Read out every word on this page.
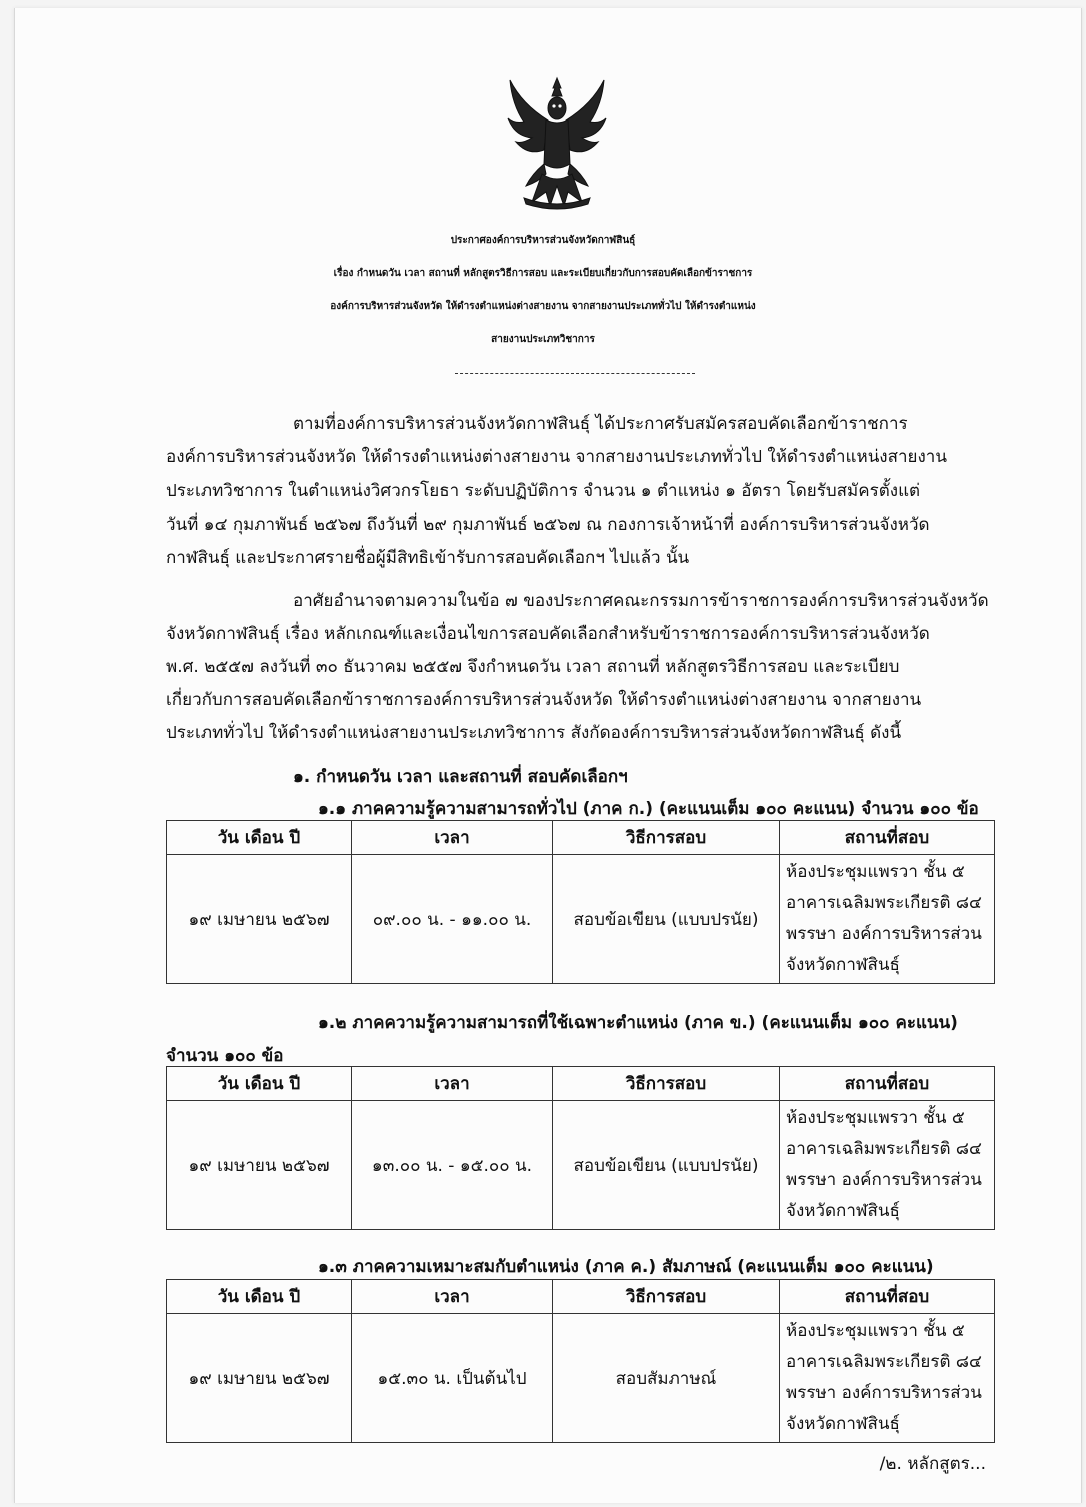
ประกาศองค์การบริหารส่วนจังหวัดกาฬสินธุ์
เรื่อง กำหนดวัน เวลา สถานที่ หลักสูตรวิธีการสอบ และระเบียบเกี่ยวกับการสอบคัดเลือกข้าราชการ
องค์การบริหารส่วนจังหวัด ให้ดำรงตำแหน่งต่างสายงาน จากสายงานประเภททั่วไป ให้ดำรงตำแหน่ง
สายงานประเภทวิชาการ
ตามที่องค์การบริหารส่วนจังหวัดกาฬสินธุ์ ได้ประกาศรับสมัครสอบคัดเลือกข้าราชการ
องค์การบริหารส่วนจังหวัด ให้ดำรงตำแหน่งต่างสายงาน จากสายงานประเภททั่วไป ให้ดำรงตำแหน่งสายงาน
ประเภทวิชาการ ในตำแหน่งวิศวกรโยธา ระดับปฏิบัติการ จำนวน ๑ ตำแหน่ง ๑ อัตรา โดยรับสมัครตั้งแต่
วันที่ ๑๔ กุมภาพันธ์ ๒๕๖๗ ถึงวันที่ ๒๙ กุมภาพันธ์ ๒๕๖๗ ณ กองการเจ้าหน้าที่ องค์การบริหารส่วนจังหวัด
กาฬสินธุ์ และประกาศรายชื่อผู้มีสิทธิเข้ารับการสอบคัดเลือกฯ ไปแล้ว นั้น
อาศัยอำนาจตามความในข้อ ๗ ของประกาศคณะกรรมการข้าราชการองค์การบริหารส่วนจังหวัด
จังหวัดกาฬสินธุ์ เรื่อง หลักเกณฑ์และเงื่อนไขการสอบคัดเลือกสำหรับข้าราชการองค์การบริหารส่วนจังหวัด
พ.ศ. ๒๕๕๗ ลงวันที่ ๓๐ ธันวาคม ๒๕๕๗ จึงกำหนดวัน เวลา สถานที่ หลักสูตรวิธีการสอบ และระเบียบ
เกี่ยวกับการสอบคัดเลือกข้าราชการองค์การบริหารส่วนจังหวัด ให้ดำรงตำแหน่งต่างสายงาน จากสายงาน
ประเภททั่วไป ให้ดำรงตำแหน่งสายงานประเภทวิชาการ สังกัดองค์การบริหารส่วนจังหวัดกาฬสินธุ์ ดังนี้
๑. กำหนดวัน เวลา และสถานที่ สอบคัดเลือกฯ
๑.๑ ภาคความรู้ความสามารถทั่วไป (ภาค ก.) (คะแนนเต็ม ๑๐๐ คะแนน) จำนวน ๑๐๐ ข้อ
วัน เดือน ปี	เวลา	วิธีการสอบ	สถานที่สอบ
๑๙ เมษายน ๒๕๖๗	๐๙.๐๐ น. - ๑๑.๐๐ น.	สอบข้อเขียน (แบบปรนัย)	ห้องประชุมแพรวา ชั้น ๕
อาคารเฉลิมพระเกียรติ ๘๔
พรรษา องค์การบริหารส่วน
จังหวัดกาฬสินธุ์
๑.๒ ภาคความรู้ความสามารถที่ใช้เฉพาะตำแหน่ง (ภาค ข.) (คะแนนเต็ม ๑๐๐ คะแนน)
จำนวน ๑๐๐ ข้อ
วัน เดือน ปี	เวลา	วิธีการสอบ	สถานที่สอบ
๑๙ เมษายน ๒๕๖๗	๑๓.๐๐ น. - ๑๕.๐๐ น.	สอบข้อเขียน (แบบปรนัย)	ห้องประชุมแพรวา ชั้น ๕
อาคารเฉลิมพระเกียรติ ๘๔
พรรษา องค์การบริหารส่วน
จังหวัดกาฬสินธุ์
๑.๓ ภาคความเหมาะสมกับตำแหน่ง (ภาค ค.) สัมภาษณ์ (คะแนนเต็ม ๑๐๐ คะแนน)
วัน เดือน ปี	เวลา	วิธีการสอบ	สถานที่สอบ
๑๙ เมษายน ๒๕๖๗	๑๕.๓๐ น. เป็นต้นไป	สอบสัมภาษณ์	ห้องประชุมแพรวา ชั้น ๕
อาคารเฉลิมพระเกียรติ ๘๔
พรรษา องค์การบริหารส่วน
จังหวัดกาฬสินธุ์
/๒. หลักสูตร...
